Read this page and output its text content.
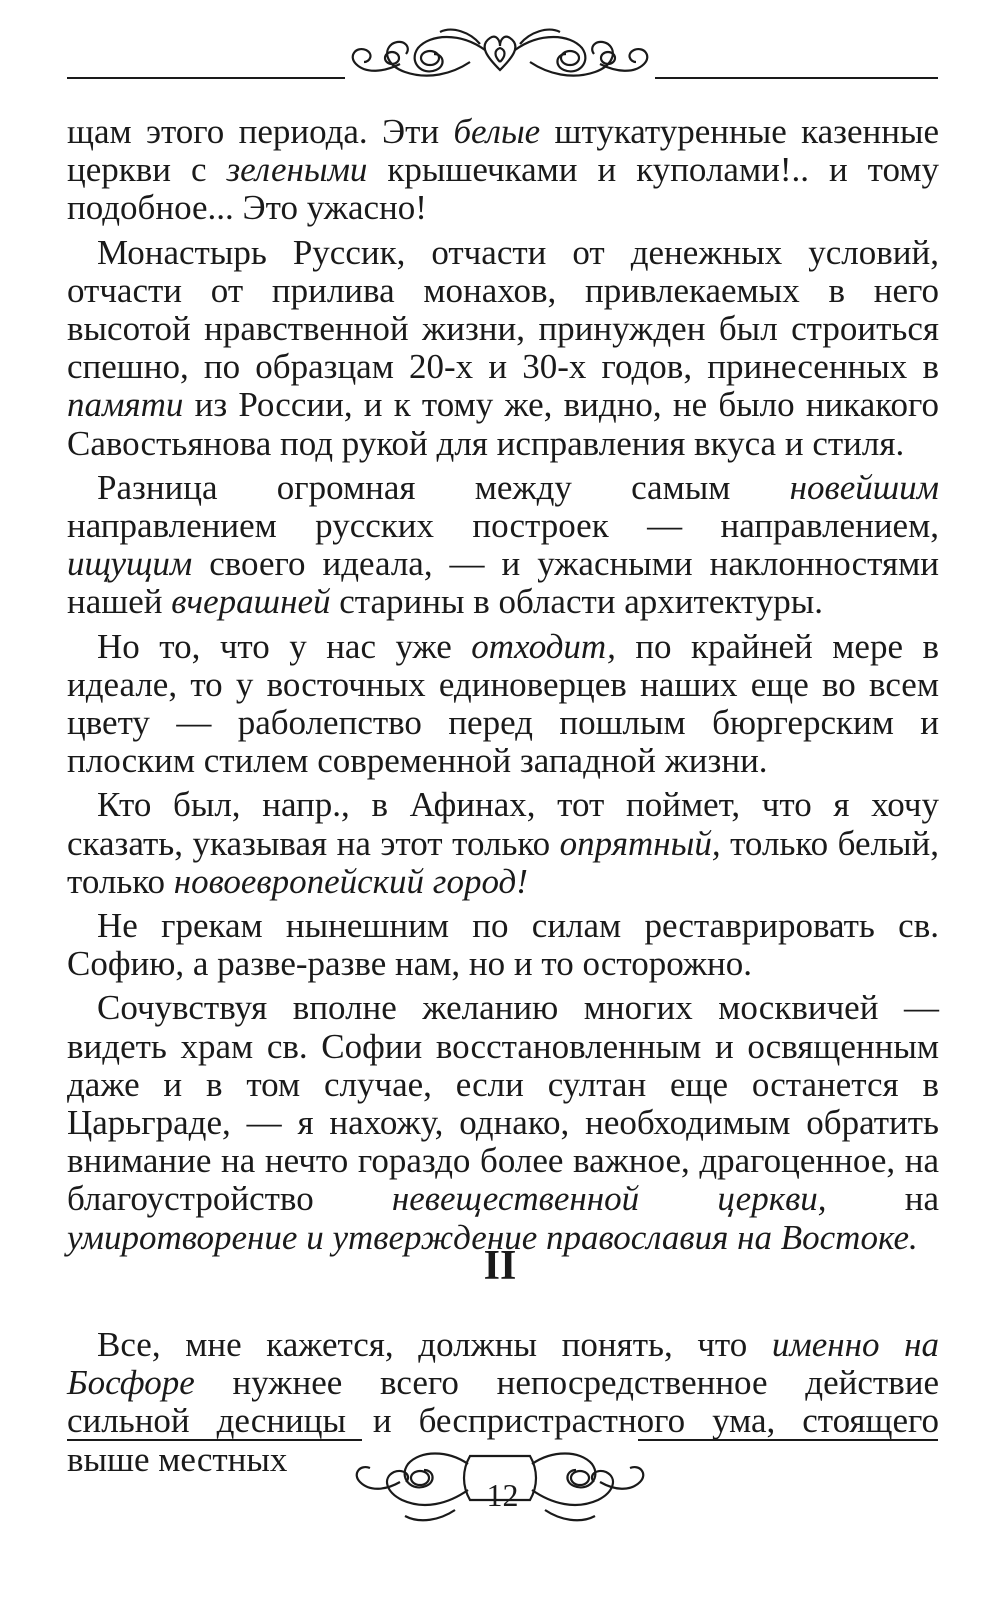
щам этого периода. Эти белые штукатуренные казенные церкви с зелеными крышечками и куполами!.. и тому подобное... Это ужасно!

Монастырь Руссик, отчасти от денежных условий, отчасти от прилива монахов, привлекаемых в него высотой нравственной жизни, принужден был строиться спешно, по образцам 20-х и 30-х годов, принесенных в памяти из России, и к тому же, видно, не было никакого Савостьянова под рукой для исправления вкуса и стиля.

Разница огромная между самым новейшим направлением русских построек — направлением, ищущим своего идеала, — и ужасными наклонностями нашей вчерашней старины в области архитектуры.

Но то, что у нас уже отходит, по крайней мере в идеале, то у восточных единоверцев наших еще во всем цвету — раболепство перед пошлым бюргерским и плоским стилем современной западной жизни.

Кто был, напр., в Афинах, тот поймет, что я хочу сказать, указывая на этот только опрятный, только белый, только новоевропейский город!

Не грекам нынешним по силам реставрировать св. Софию, а разве-разве нам, но и то осторожно.

Сочувствуя вполне желанию многих москвичей — видеть храм св. Софии восстановленным и освященным даже и в том случае, если султан еще останется в Царьграде, — я нахожу, однако, необходимым обратить внимание на нечто гораздо более важное, драгоценное, на благоустройство невещественной церкви, на умиротворение и утверждение православия на Востоке.

II

Все, мне кажется, должны понять, что именно на Босфоре нужнее всего непосредственное действие сильной десницы и беспристрастного ума, стоящего выше местных

12
